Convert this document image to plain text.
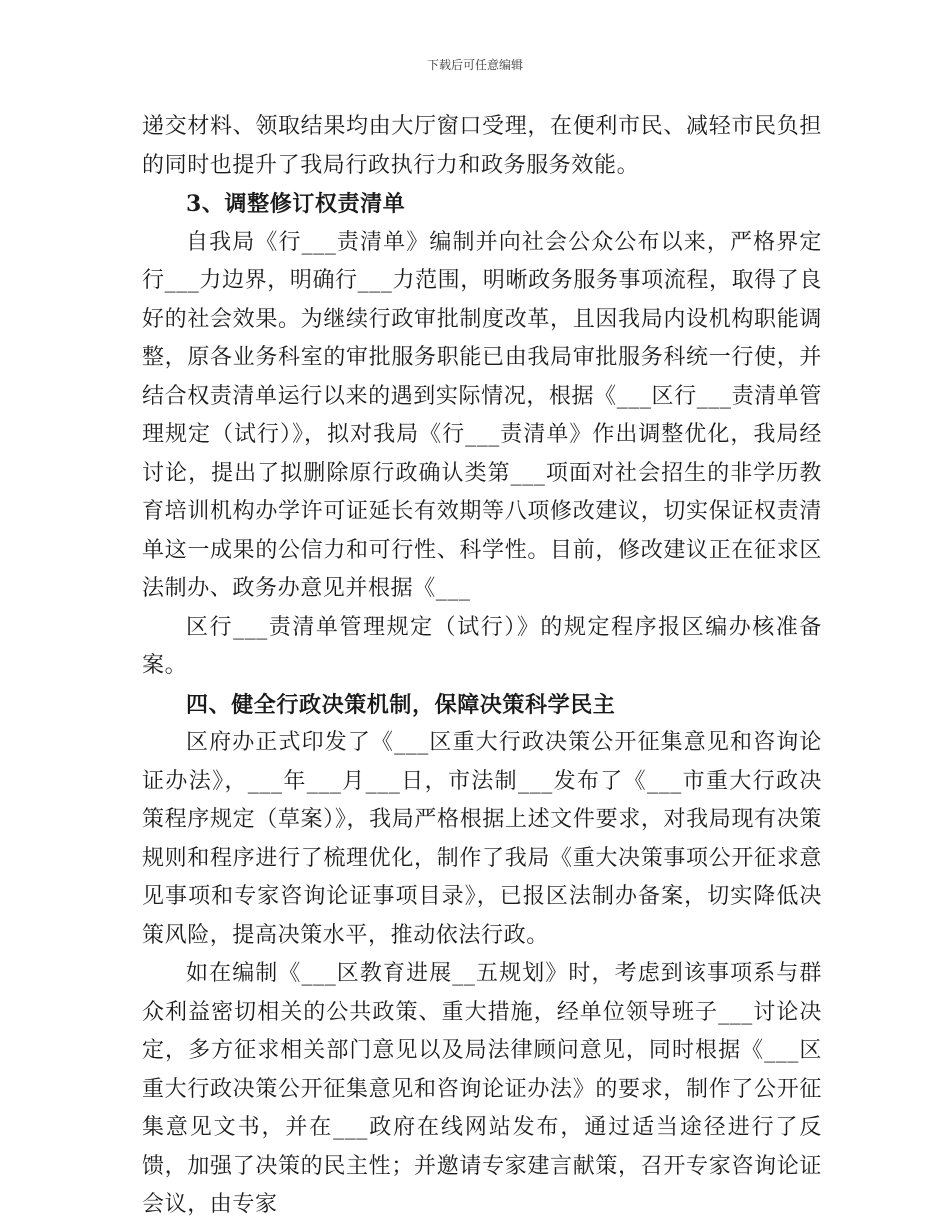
下载后可任意编辑

递交材料、领取结果均由大厅窗口受理，在便利市民、减轻市民负担的同时也提升了我局行政执行力和政务服务效能。

3、调整修订权责清单

自我局《行___责清单》编制并向社会公众公布以来，严格界定行___力边界，明确行___力范围，明晰政务服务事项流程，取得了良好的社会效果。为继续行政审批制度改革，且因我局内设机构职能调整，原各业务科室的审批服务职能已由我局审批服务科统一行使，并结合权责清单运行以来的遇到实际情况，根据《___区行___责清单管理规定（试行）》，拟对我局《行___责清单》作出调整优化，我局经讨论，提出了拟删除原行政确认类第___项面对社会招生的非学历教育培训机构办学许可证延长有效期等八项修改建议，切实保证权责清单这一成果的公信力和可行性、科学性。目前，修改建议正在征求区法制办、政务办意见并根据《___

区行___责清单管理规定（试行）》的规定程序报区编办核准备案。

四、健全行政决策机制，保障决策科学民主

区府办正式印发了《___区重大行政决策公开征集意见和咨询论证办法》，___年___月___日，市法制___发布了《___市重大行政决策程序规定（草案）》，我局严格根据上述文件要求，对我局现有决策规则和程序进行了梳理优化，制作了我局《重大决策事项公开征求意见事项和专家咨询论证事项目录》，已报区法制办备案，切实降低决策风险，提高决策水平，推动依法行政。

如在编制《___区教育进展__五规划》时，考虑到该事项系与群众利益密切相关的公共政策、重大措施，经单位领导班子___讨论决定，多方征求相关部门意见以及局法律顾问意见，同时根据《___区重大行政决策公开征集意见和咨询论证办法》的要求，制作了公开征集意见文书，并在___政府在线网站发布，通过适当途径进行了反馈，加强了决策的民主性；并邀请专家建言献策，召开专家咨询论证会议，由专家
